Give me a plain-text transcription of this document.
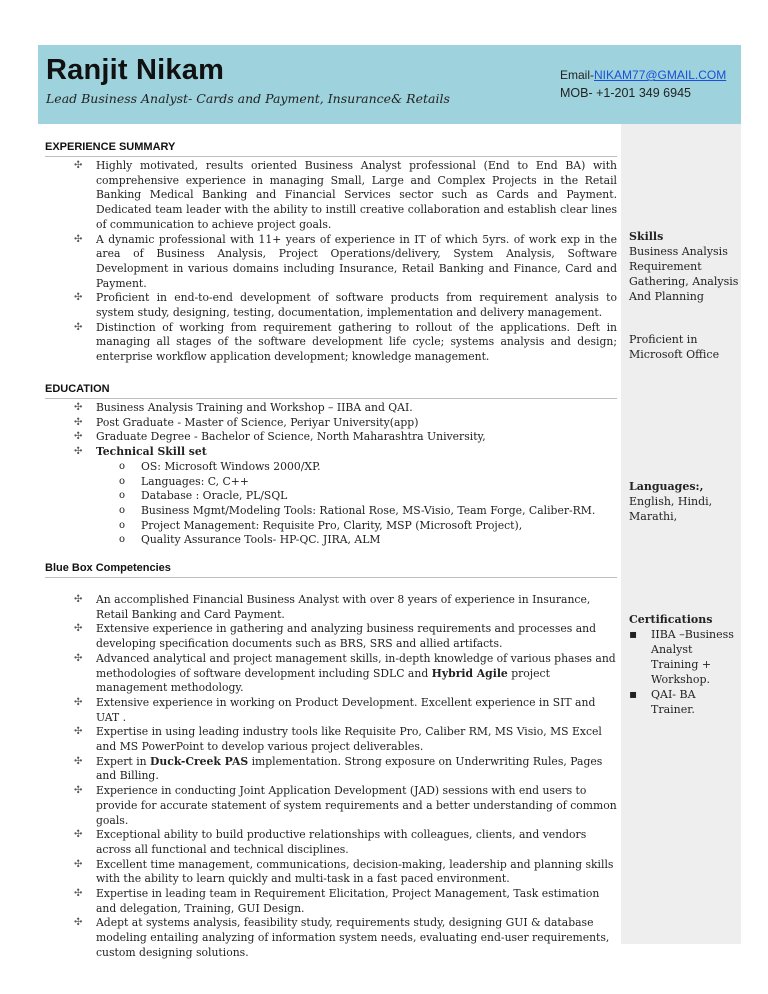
Ranjit Nikam
Lead Business Analyst- Cards and Payment, Insurance& Retails
Email-NIKAM77@GMAIL.COM
MOB- +1-201 349 6945
Skills
Business Analysis
Requirement
Gathering, Analysis
And Planning
Proficient in
Microsoft Office
Languages:,
English, Hindi,
Marathi,
Certifications
▪ IIBA –Business Analyst Training + Workshop.
▪ QAI- BA Trainer.
EXPERIENCE SUMMARY
✣ Highly motivated, results oriented Business Analyst professional (End to End BA) with comprehensive experience in managing Small, Large and Complex Projects in the Retail Banking Medical Banking and Financial Services sector such as Cards and Payment. Dedicated team leader with the ability to instill creative collaboration and establish clear lines of communication to achieve project goals.
✣ A dynamic professional with 11+ years of experience in IT of which 5yrs. of work exp in the area of Business Analysis, Project Operations/delivery, System Analysis, Software Development in various domains including Insurance, Retail Banking and Finance, Card and Payment.
✣ Proficient in end-to-end development of software products from requirement analysis to system study, designing, testing, documentation, implementation and delivery management.
✣ Distinction of working from requirement gathering to rollout of the applications. Deft in managing all stages of the software development life cycle; systems analysis and design; enterprise workflow application development; knowledge management.
EDUCATION
✣ Business Analysis Training and Workshop – IIBA and QAI.
✣ Post Graduate - Master of Science, Periyar University(app)
✣ Graduate Degree - Bachelor of Science, North Maharashtra University,
✣ Technical Skill set
o OS: Microsoft Windows 2000/XP.
o Languages: C, C++
o Database : Oracle, PL/SQL
o Business Mgmt/Modeling Tools: Rational Rose, MS-Visio, Team Forge, Caliber-RM.
o Project Management: Requisite Pro, Clarity, MSP (Microsoft Project),
o Quality Assurance Tools- HP-QC. JIRA, ALM
Blue Box Competencies
✣ An accomplished Financial Business Analyst with over 8 years of experience in Insurance, Retail Banking and Card Payment.
✣ Extensive experience in gathering and analyzing business requirements and processes and developing specification documents such as BRS, SRS and allied artifacts.
✣ Advanced analytical and project management skills, in-depth knowledge of various phases and methodologies of software development including SDLC and Hybrid Agile project management methodology.
✣ Extensive experience in working on Product Development. Excellent experience in SIT and UAT .
✣ Expertise in using leading industry tools like Requisite Pro, Caliber RM, MS Visio, MS Excel and MS PowerPoint to develop various project deliverables.
✣ Expert in Duck-Creek PAS implementation. Strong exposure on Underwriting Rules, Pages and Billing.
✣ Experience in conducting Joint Application Development (JAD) sessions with end users to provide for accurate statement of system requirements and a better understanding of common goals.
✣ Exceptional ability to build productive relationships with colleagues, clients, and vendors across all functional and technical disciplines.
✣ Excellent time management, communications, decision-making, leadership and planning skills with the ability to learn quickly and multi-task in a fast paced environment.
✣ Expertise in leading team in Requirement Elicitation, Project Management, Task estimation and delegation, Training, GUI Design.
✣ Adept at systems analysis, feasibility study, requirements study, designing GUI & database modeling entailing analyzing of information system needs, evaluating end-user requirements, custom designing solutions.
